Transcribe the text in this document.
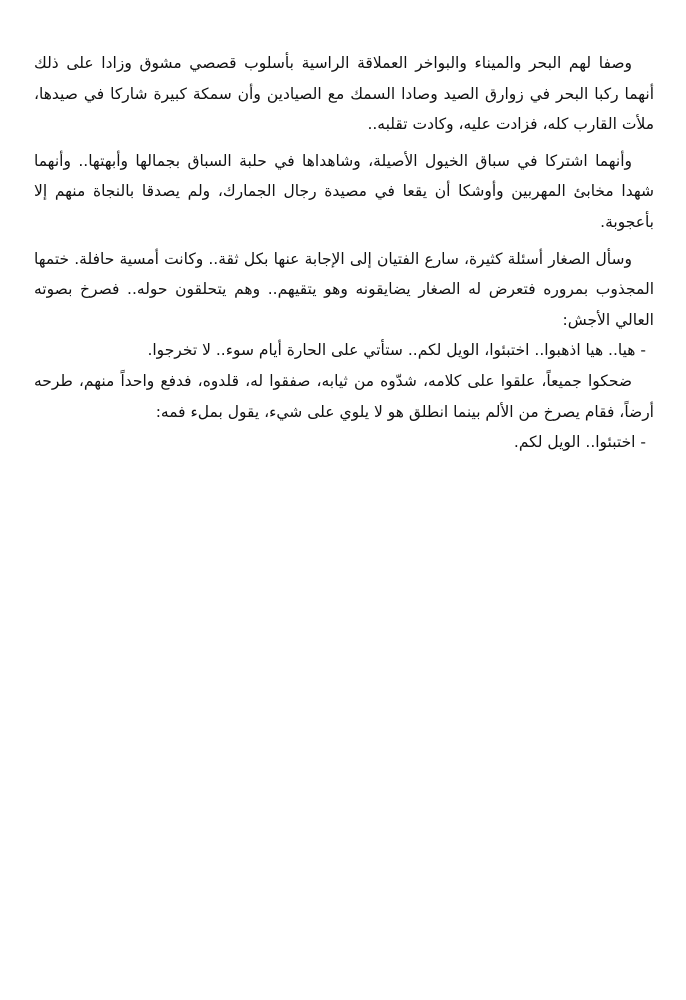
وصفا لهم البحر والميناء والبواخر العملاقة الراسية بأسلوب قصصي مشوق وزادا على ذلك أنهما ركبا البحر في زوارق الصيد وصادا السمك مع الصيادين وأن سمكة كبيرة شاركا في صيدها، ملأت القارب كله، فزادت عليه، وكادت تقلبه..

وأنهما اشتركا في سباق الخيول الأصيلة، وشاهداها في حلبة السباق بجمالها وأبهتها.. وأنهما شهدا مخابئ المهربين وأوشكا أن يقعا في مصيدة رجال الجمارك، ولم يصدقا بالنجاة منهم إلا بأعجوبة.

وسأل الصغار أسئلة كثيرة، سارع الفتيان إلى الإجابة عنها بكل ثقة.. وكانت أمسية حافلة. ختمها المجذوب بمروره فتعرض له الصغار يضايقونه وهو يتقيهم.. وهم يتحلقون حوله.. فصرخ بصوته العالي الأجش:

- هيا.. هيا اذهبوا.. اختبئوا، الويل لكم.. ستأتي على الحارة أيام سوء.. لا تخرجوا.

ضحكوا جميعاً، علقوا على كلامه، شدّوه من ثيابه، صفقوا له، قلدوه، فدفع واحداً منهم، طرحه أرضاً، فقام يصرخ من الألم بينما انطلق هو لا يلوي على شيء، يقول بملء فمه:

- اختبئوا.. الويل لكم.
